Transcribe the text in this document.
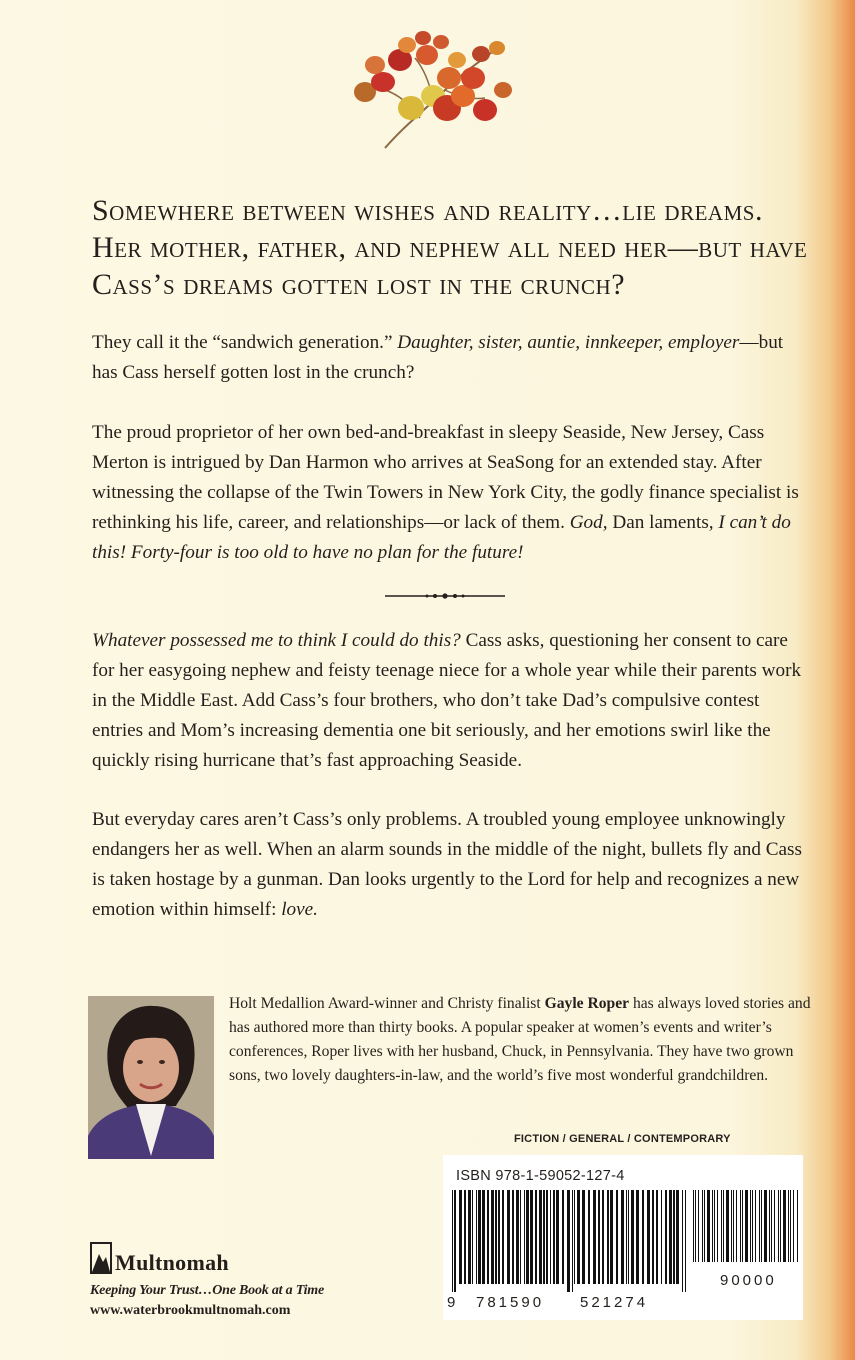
Somewhere between wishes and reality…lie dreams. Her mother, father, and nephew all need her—but have Cass’s dreams gotten lost in the crunch?

They call it the “sandwich generation.” Daughter, sister, auntie, innkeeper, employer—but has Cass herself gotten lost in the crunch?

The proud proprietor of her own bed-and-breakfast in sleepy Seaside, New Jersey, Cass Merton is intrigued by Dan Harmon who arrives at SeaSong for an extended stay. After witnessing the collapse of the Twin Towers in New York City, the godly finance specialist is rethinking his life, career, and relationships—or lack of them. God, Dan laments, I can’t do this! Forty-four is too old to have no plan for the future!

Whatever possessed me to think I could do this? Cass asks, questioning her consent to care for her easygoing nephew and feisty teenage niece for a whole year while their parents work in the Middle East. Add Cass’s four brothers, who don’t take Dad’s compulsive contest entries and Mom’s increasing dementia one bit seriously, and her emotions swirl like the quickly rising hurricane that’s fast approaching Seaside.

But everyday cares aren’t Cass’s only problems. A troubled young employee unknowingly endangers her as well. When an alarm sounds in the middle of the night, bullets fly and Cass is taken hostage by a gunman. Dan looks urgently to the Lord for help and recognizes a new emotion within himself: love.

Holt Medallion Award-winner and Christy finalist Gayle Roper has always loved stories and has authored more than thirty books. A popular speaker at women’s events and writer’s conferences, Roper lives with her husband, Chuck, in Pennsylvania. They have two grown sons, two lovely daughters-in-law, and the world’s five most wonderful grandchildren.

FICTION / GENERAL / CONTEMPORARY
ISBN 978-1-59052-127-4
9 781590 521274
90000
Multnomah
Keeping Your Trust…One Book at a Time
www.waterbrookmultnomah.com
